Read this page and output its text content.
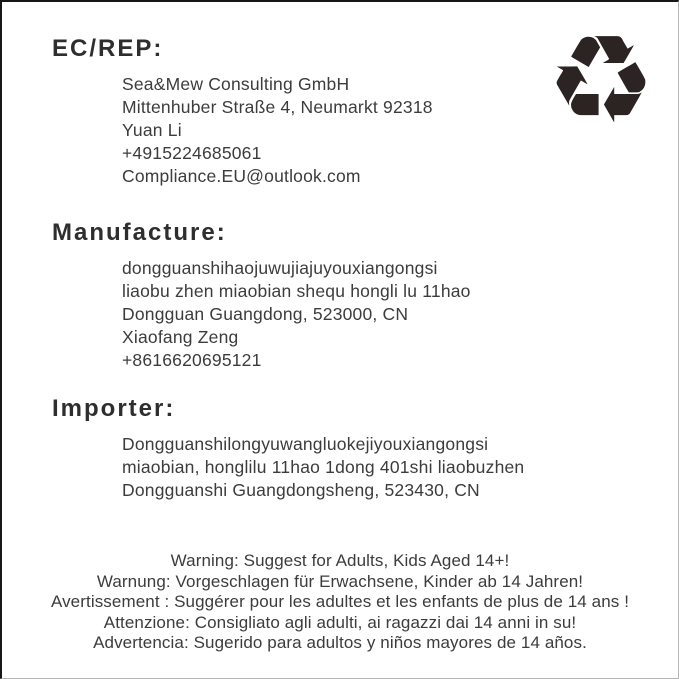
♻
EC/REP:
Sea&Mew Consulting GmbH
Mittenhuber Straße 4, Neumarkt 92318
Yuan Li
+4915224685061
Compliance.EU@outlook.com
Manufacture:
dongguanshihaojuwujiajuyouxiangongsi
liaobu zhen miaobian shequ hongli lu 11hao
Dongguan Guangdong, 523000, CN
Xiaofang Zeng
+8616620695121
Importer:
Dongguanshilongyuwangluokejiyouxiangongsi
miaobian, honglilu 11hao 1dong 401shi liaobuzhen
Dongguanshi Guangdongsheng, 523430, CN
Warning: Suggest for Adults, Kids Aged 14+!
Warnung: Vorgeschlagen für Erwachsene, Kinder ab 14 Jahren!
Avertissement : Suggérer pour les adultes et les enfants de plus de 14 ans !
Attenzione: Consigliato agli adulti, ai ragazzi dai 14 anni in su!
Advertencia: Sugerido para adultos y niños mayores de 14 años.
